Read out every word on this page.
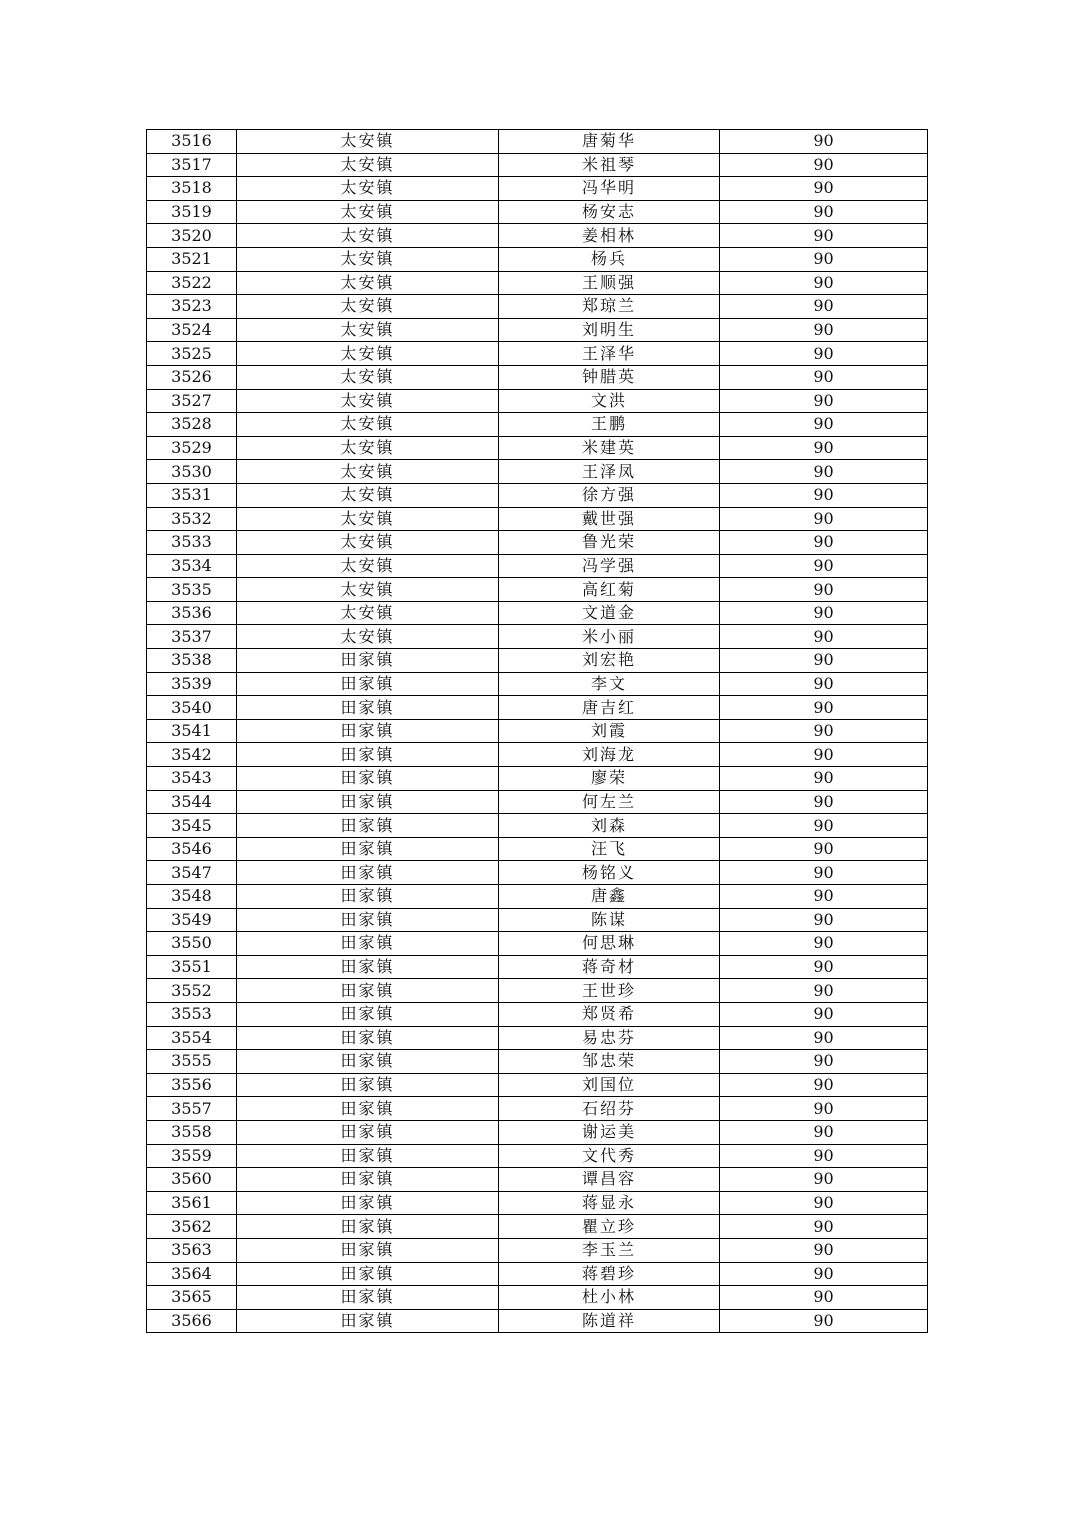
3516	太安镇	唐菊华	90
3517	太安镇	米祖琴	90
3518	太安镇	冯华明	90
3519	太安镇	杨安志	90
3520	太安镇	姜相林	90
3521	太安镇	杨兵	90
3522	太安镇	王顺强	90
3523	太安镇	郑琼兰	90
3524	太安镇	刘明生	90
3525	太安镇	王泽华	90
3526	太安镇	钟腊英	90
3527	太安镇	文洪	90
3528	太安镇	王鹏	90
3529	太安镇	米建英	90
3530	太安镇	王泽凤	90
3531	太安镇	徐方强	90
3532	太安镇	戴世强	90
3533	太安镇	鲁光荣	90
3534	太安镇	冯学强	90
3535	太安镇	高红菊	90
3536	太安镇	文道金	90
3537	太安镇	米小丽	90
3538	田家镇	刘宏艳	90
3539	田家镇	李文	90
3540	田家镇	唐吉红	90
3541	田家镇	刘霞	90
3542	田家镇	刘海龙	90
3543	田家镇	廖荣	90
3544	田家镇	何左兰	90
3545	田家镇	刘森	90
3546	田家镇	汪飞	90
3547	田家镇	杨铭义	90
3548	田家镇	唐鑫	90
3549	田家镇	陈谋	90
3550	田家镇	何思琳	90
3551	田家镇	蒋奇材	90
3552	田家镇	王世珍	90
3553	田家镇	郑贤希	90
3554	田家镇	易忠芬	90
3555	田家镇	邹忠荣	90
3556	田家镇	刘国位	90
3557	田家镇	石绍芬	90
3558	田家镇	谢运美	90
3559	田家镇	文代秀	90
3560	田家镇	谭昌容	90
3561	田家镇	蒋显永	90
3562	田家镇	瞿立珍	90
3563	田家镇	李玉兰	90
3564	田家镇	蒋碧珍	90
3565	田家镇	杜小林	90
3566	田家镇	陈道祥	90
